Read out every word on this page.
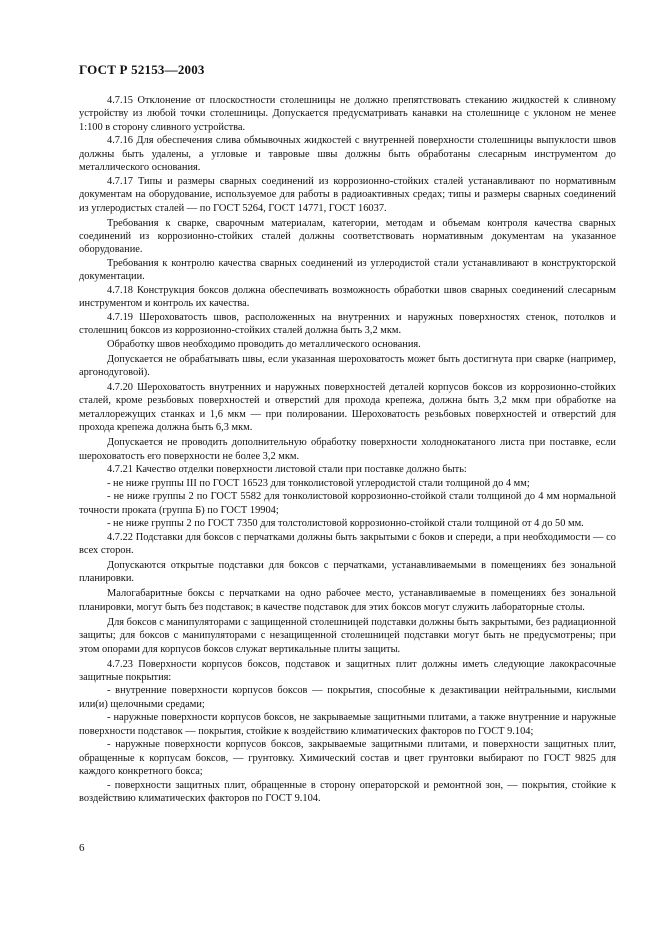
ГОСТ Р 52153—2003

4.7.15 Отклонение от плоскостности столешницы не должно препятствовать стеканию жидкостей к сливному устройству из любой точки столешницы. Допускается предусматривать канавки на столешнице с уклоном не менее 1:100 в сторону сливного устройства.

4.7.16 Для обеспечения слива обмывочных жидкостей с внутренней поверхности столешницы выпуклости швов должны быть удалены, а угловые и тавровые швы должны быть обработаны слесарным инструментом до металлического основания.

4.7.17 Типы и размеры сварных соединений из коррозионно-стойких сталей устанавливают по нормативным документам на оборудование, используемое для работы в радиоактивных средах; типы и размеры сварных соединений из углеродистых сталей — по ГОСТ 5264, ГОСТ 14771, ГОСТ 16037.

Требования к сварке, сварочным материалам, категории, методам и объемам контроля качества сварных соединений из коррозионно-стойких сталей должны соответствовать нормативным документам на указанное оборудование.

Требования к контролю качества сварных соединений из углеродистой стали устанавливают в конструкторской документации.

4.7.18 Конструкция боксов должна обеспечивать возможность обработки швов сварных соединений слесарным инструментом и контроль их качества.

4.7.19 Шероховатость швов, расположенных на внутренних и наружных поверхностях стенок, потолков и столешниц боксов из коррозионно-стойких сталей должна быть 3,2 мкм.

Обработку швов необходимо проводить до металлического основания.

Допускается не обрабатывать швы, если указанная шероховатость может быть достигнута при сварке (например, аргонодуговой).

4.7.20 Шероховатость внутренних и наружных поверхностей деталей корпусов боксов из коррозионно-стойких сталей, кроме резьбовых поверхностей и отверстий для прохода крепежа, должна быть 3,2 мкм при обработке на металлорежущих станках и 1,6 мкм — при полировании. Шероховатость резьбовых поверхностей и отверстий для прохода крепежа должна быть 6,3 мкм.

Допускается не проводить дополнительную обработку поверхности холоднокатаного листа при поставке, если шероховатость его поверхности не более 3,2 мкм.

4.7.21 Качество отделки поверхности листовой стали при поставке должно быть:

- не ниже группы III по ГОСТ 16523 для тонколистовой углеродистой стали толщиной до 4 мм;

- не ниже группы 2 по ГОСТ 5582 для тонколистовой коррозионно-стойкой стали толщиной до 4 мм нормальной точности проката (группа Б) по ГОСТ 19904;

- не ниже группы 2 по ГОСТ 7350 для толстолистовой коррозионно-стойкой стали толщиной от 4 до 50 мм.

4.7.22 Подставки для боксов с перчатками должны быть закрытыми с боков и спереди, а при необходимости — со всех сторон.

Допускаются открытые подставки для боксов с перчатками, устанавливаемыми в помещениях без зональной планировки.

Малогабаритные боксы с перчатками на одно рабочее место, устанавливаемые в помещениях без зональной планировки, могут быть без подставок; в качестве подставок для этих боксов могут служить лабораторные столы.

Для боксов с манипуляторами с защищенной столешницей подставки должны быть закрытыми, без радиационной защиты; для боксов с манипуляторами с незащищенной столешницей подставки могут быть не предусмотрены; при этом опорами для корпусов боксов служат вертикальные плиты защиты.

4.7.23 Поверхности корпусов боксов, подставок и защитных плит должны иметь следующие лакокрасочные защитные покрытия:

- внутренние поверхности корпусов боксов — покрытия, способные к дезактивации нейтральными, кислыми или(и) щелочными средами;

- наружные поверхности корпусов боксов, не закрываемые защитными плитами, а также внутренние и наружные поверхности подставок — покрытия, стойкие к воздействию климатических факторов по ГОСТ 9.104;

- наружные поверхности корпусов боксов, закрываемые защитными плитами, и поверхности защитных плит, обращенные к корпусам боксов, — грунтовку. Химический состав и цвет грунтовки выбирают по ГОСТ 9825 для каждого конкретного бокса;

- поверхности защитных плит, обращенные в сторону операторской и ремонтной зон, — покрытия, стойкие к воздействию климатических факторов по ГОСТ 9.104.

6
